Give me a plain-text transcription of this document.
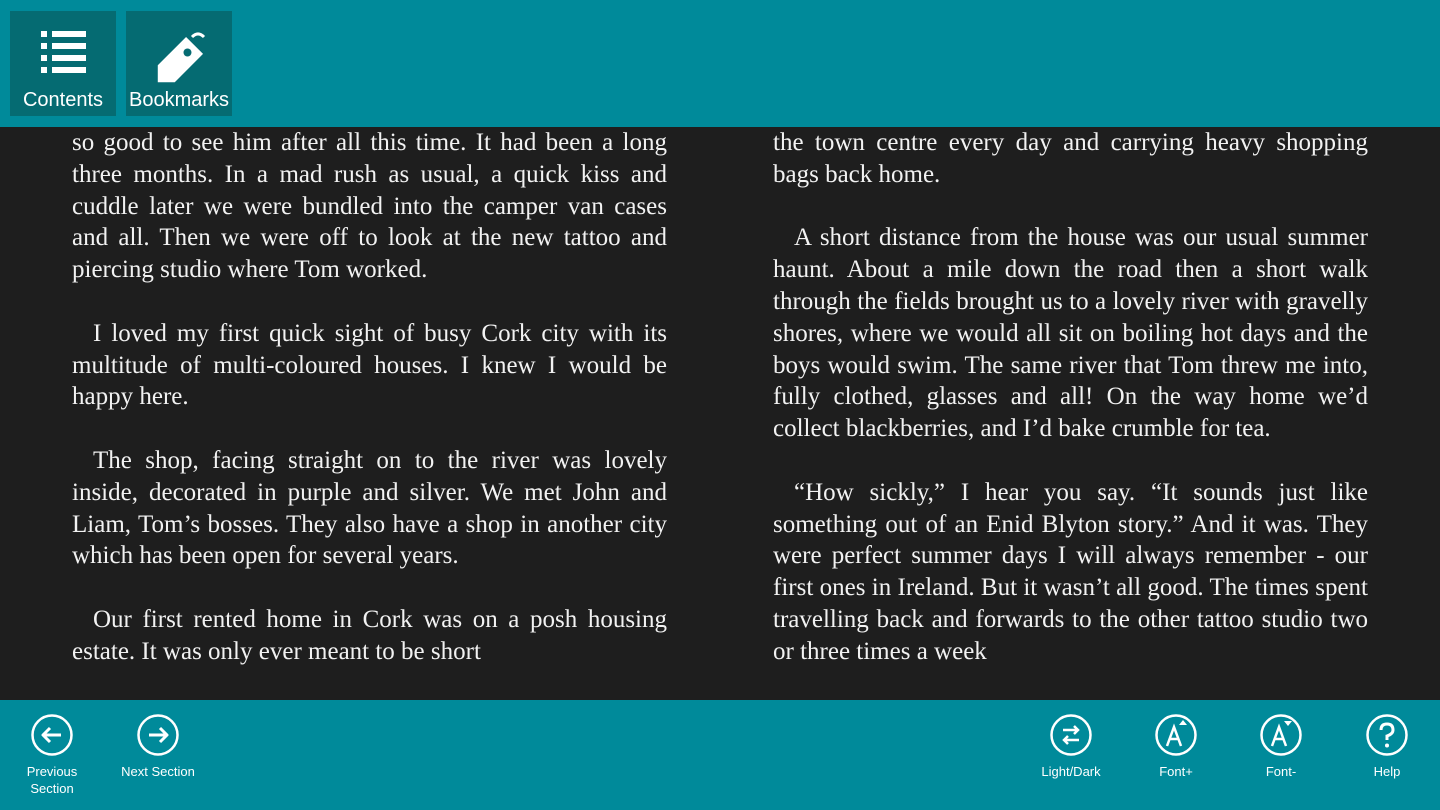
Contents	Bookmarks

so good to see him after all this time. It had been a long three months. In a mad rush as usual, a quick kiss and cuddle later we were bundled into the camper van cases and all. Then we were off to look at the new tattoo and piercing studio where Tom worked.

I loved my first quick sight of busy Cork city with its multitude of multi-coloured houses. I knew I would be happy here.

The shop, facing straight on to the river was lovely inside, decorated in purple and silver. We met John and Liam, Tom’s bosses. They also have a shop in another city which has been open for several years.

Our first rented home in Cork was on a posh housing estate. It was only ever meant to be short

the town centre every day and carrying heavy shopping bags back home.

A short distance from the house was our usual summer haunt. About a mile down the road then a short walk through the fields brought us to a lovely river with gravelly shores, where we would all sit on boiling hot days and the boys would swim. The same river that Tom threw me into, fully clothed, glasses and all! On the way home we’d collect blackberries, and I’d bake crumble for tea.

“How sickly,” I hear you say. “It sounds just like something out of an Enid Blyton story.” And it was. They were perfect summer days I will always remember - our first ones in Ireland. But it wasn’t all good. The times spent travelling back and forwards to the other tattoo studio two or three times a week

Previous
Section
Next Section	Light/Dark	Font+	Font-	Help
